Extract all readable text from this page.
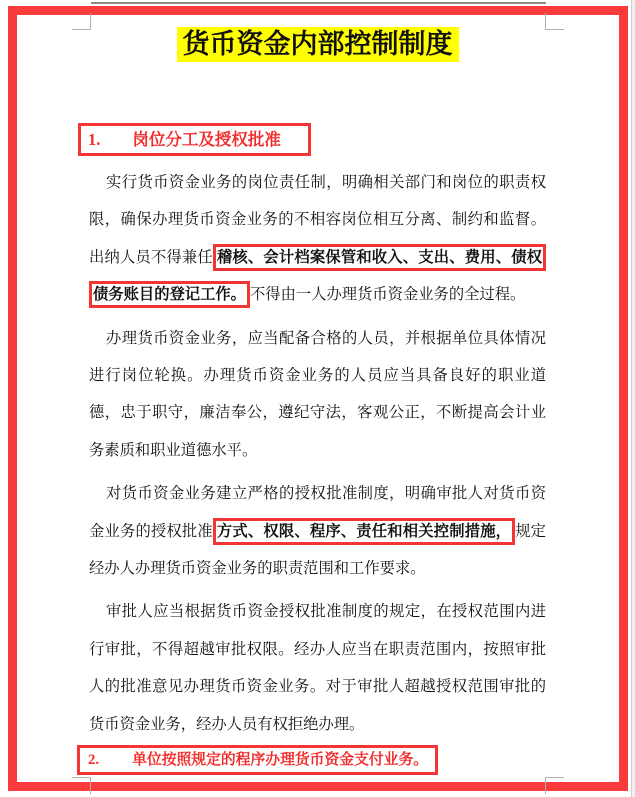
货币资金内部控制制度
1. 岗位分工及授权批准

实行货币资金业务的岗位责任制，明确相关部门和岗位的职责权限，确保办理货币资金业务的不相容岗位相互分离、制约和监督。出纳人员不得兼任 稽核、会计档案保管和收入、支出、费用、债权债务账目的登记工作。 不得由一人办理货币资金业务的全过程。

办理货币资金业务，应当配备合格的人员，并根据单位具体情况进行岗位轮换。办理货币资金业务的人员应当具备良好的职业道德，忠于职守，廉洁奉公，遵纪守法，客观公正，不断提高会计业务素质和职业道德水平。

对货币资金业务建立严格的授权批准制度，明确审批人对货币资金业务的授权批准 方式、权限、程序、责任和相关控制措施， 规定经办人办理货币资金业务的职责范围和工作要求。

审批人应当根据货币资金授权批准制度的规定，在授权范围内进行审批，不得超越审批权限。经办人应当在职责范围内，按照审批人的批准意见办理货币资金业务。对于审批人超越授权范围审批的货币资金业务，经办人员有权拒绝办理。

2. 单位按照规定的程序办理货币资金支付业务。
